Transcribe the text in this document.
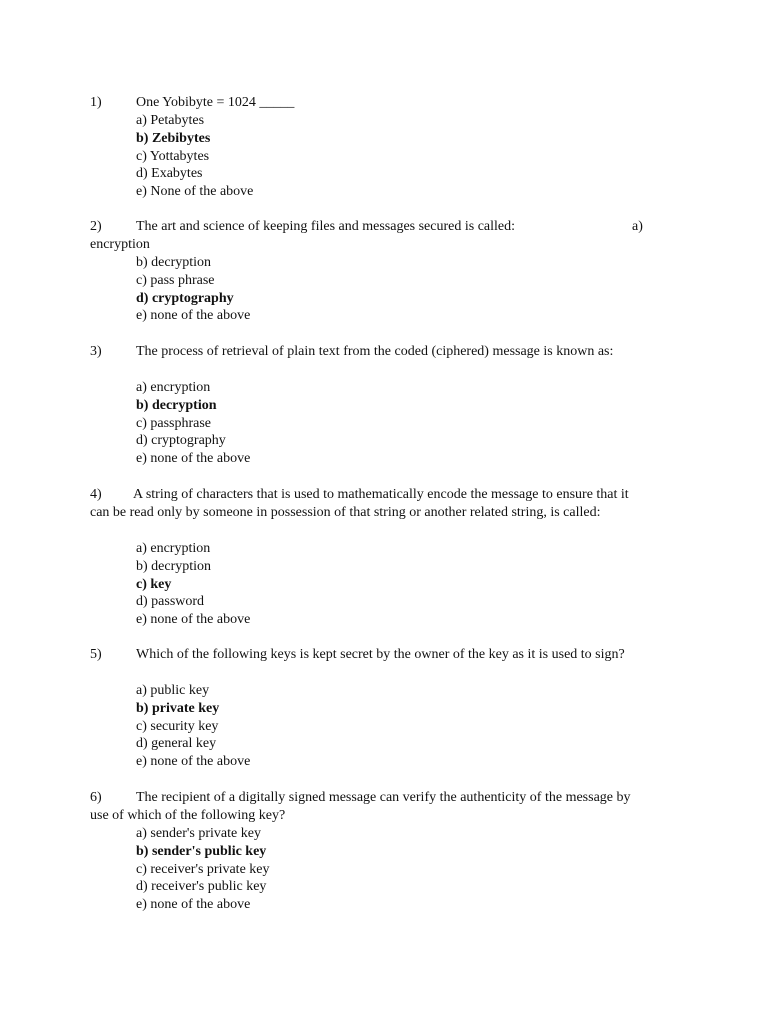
1) One Yobibyte = 1024 _____
a) Petabytes
b) Zebibytes
c) Yottabytes
d) Exabytes
e) None of the above
2) The art and science of keeping files and messages secured is called:	a)
encryption
b) decryption
c) pass phrase
d) cryptography
e) none of the above
3) The process of retrieval of plain text from the coded (ciphered) message is known as:
a) encryption
b) decryption
c) passphrase
d) cryptography
e) none of the above
4) A string of characters that is used to mathematically encode the message to ensure that it
can be read only by someone in possession of that string or another related string, is called:
a) encryption
b) decryption
c) key
d) password
e) none of the above
5) Which of the following keys is kept secret by the owner of the key as it is used to sign?
a) public key
b) private key
c) security key
d) general key
e) none of the above
6) The recipient of a digitally signed message can verify the authenticity of the message by
use of which of the following key?
a) sender's private key
b) sender's public key
c) receiver's private key
d) receiver's public key
e) none of the above
